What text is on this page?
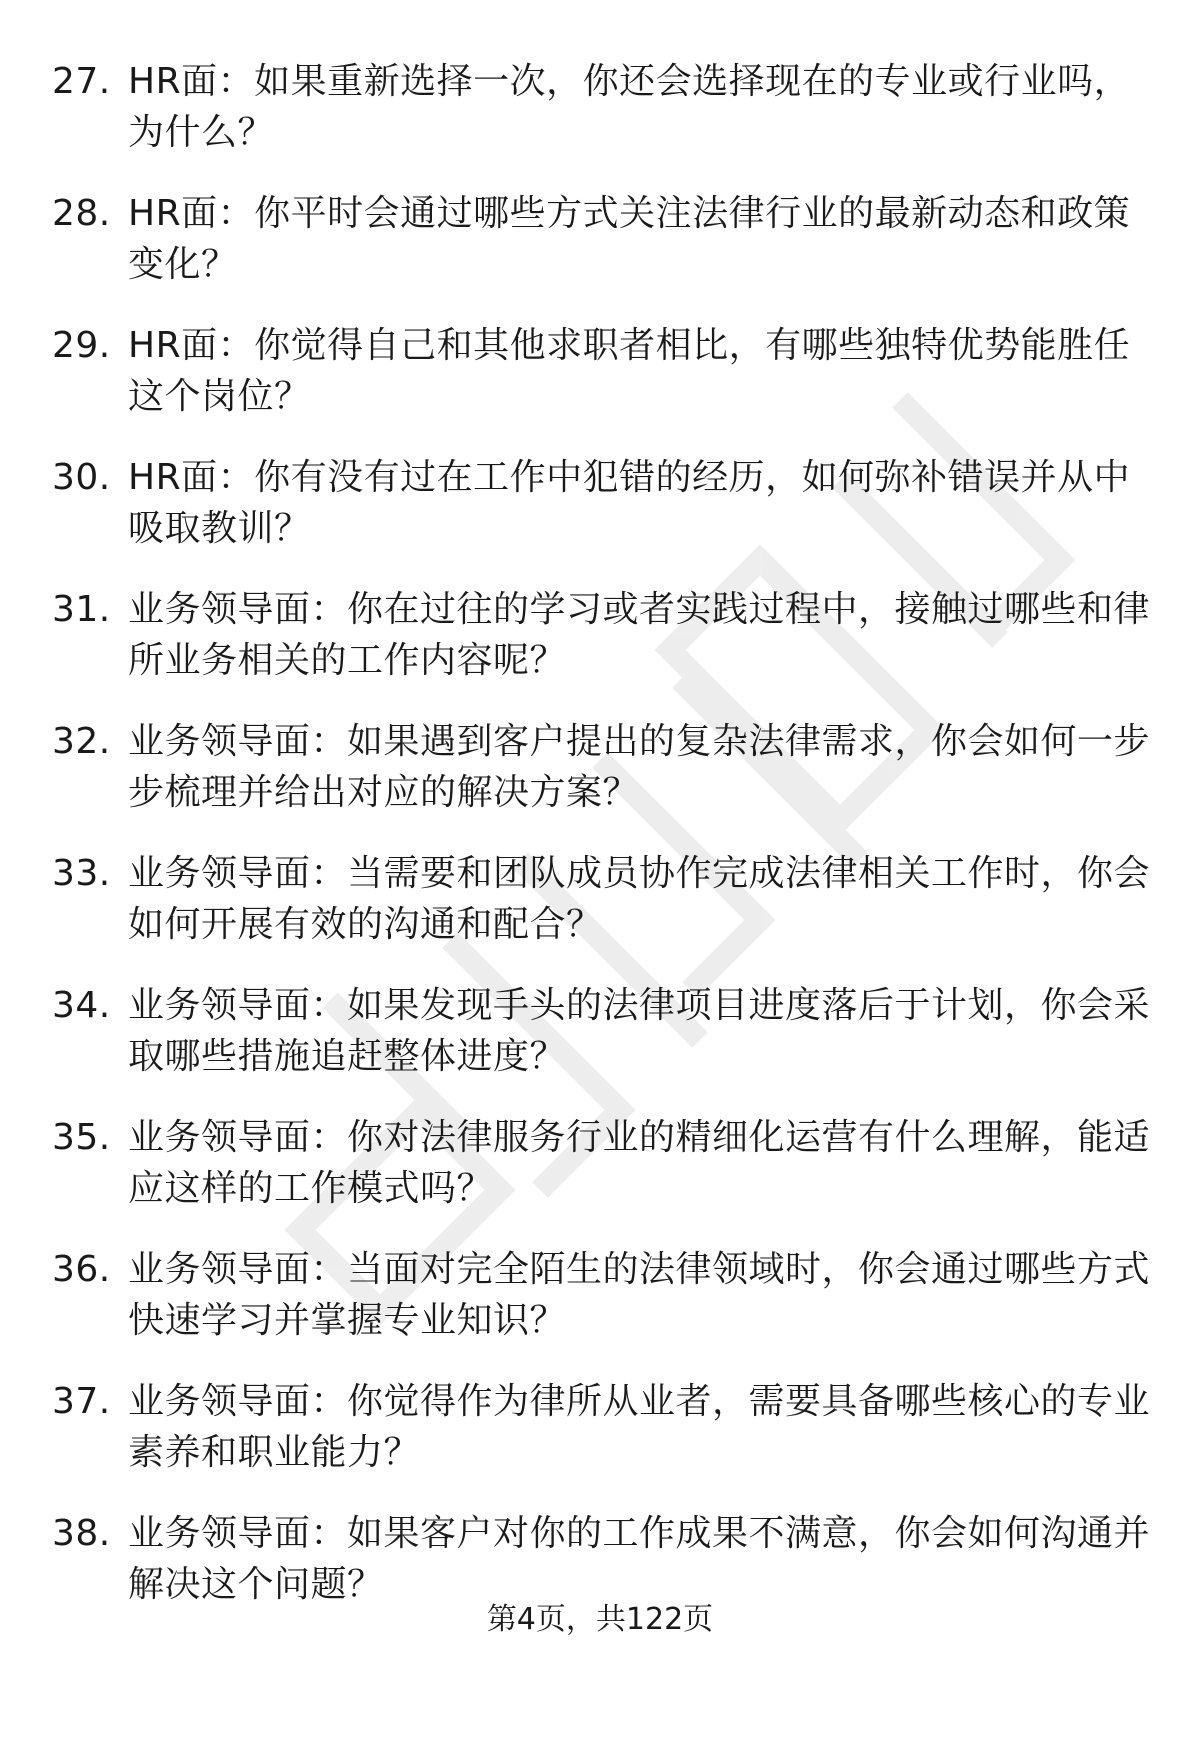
27. HR面：如果重新选择一次，你还会选择现在的专业或行业吗，为什么？
28. HR面：你平时会通过哪些方式关注法律行业的最新动态和政策变化？
29. HR面：你觉得自己和其他求职者相比，有哪些独特优势能胜任这个岗位？
30. HR面：你有没有过在工作中犯错的经历，如何弥补错误并从中吸取教训？
31. 业务领导面：你在过往的学习或者实践过程中，接触过哪些和律所业务相关的工作内容呢？
32. 业务领导面：如果遇到客户提出的复杂法律需求，你会如何一步步梳理并给出对应的解决方案？
33. 业务领导面：当需要和团队成员协作完成法律相关工作时，你会如何开展有效的沟通和配合？
34. 业务领导面：如果发现手头的法律项目进度落后于计划，你会采取哪些措施追赶整体进度？
35. 业务领导面：你对法律服务行业的精细化运营有什么理解，能适应这样的工作模式吗？
36. 业务领导面：当面对完全陌生的法律领域时，你会通过哪些方式快速学习并掌握专业知识？
37. 业务领导面：你觉得作为律所从业者，需要具备哪些核心的专业素养和职业能力？
38. 业务领导面：如果客户对你的工作成果不满意，你会如何沟通并解决这个问题？
第4页，共122页
